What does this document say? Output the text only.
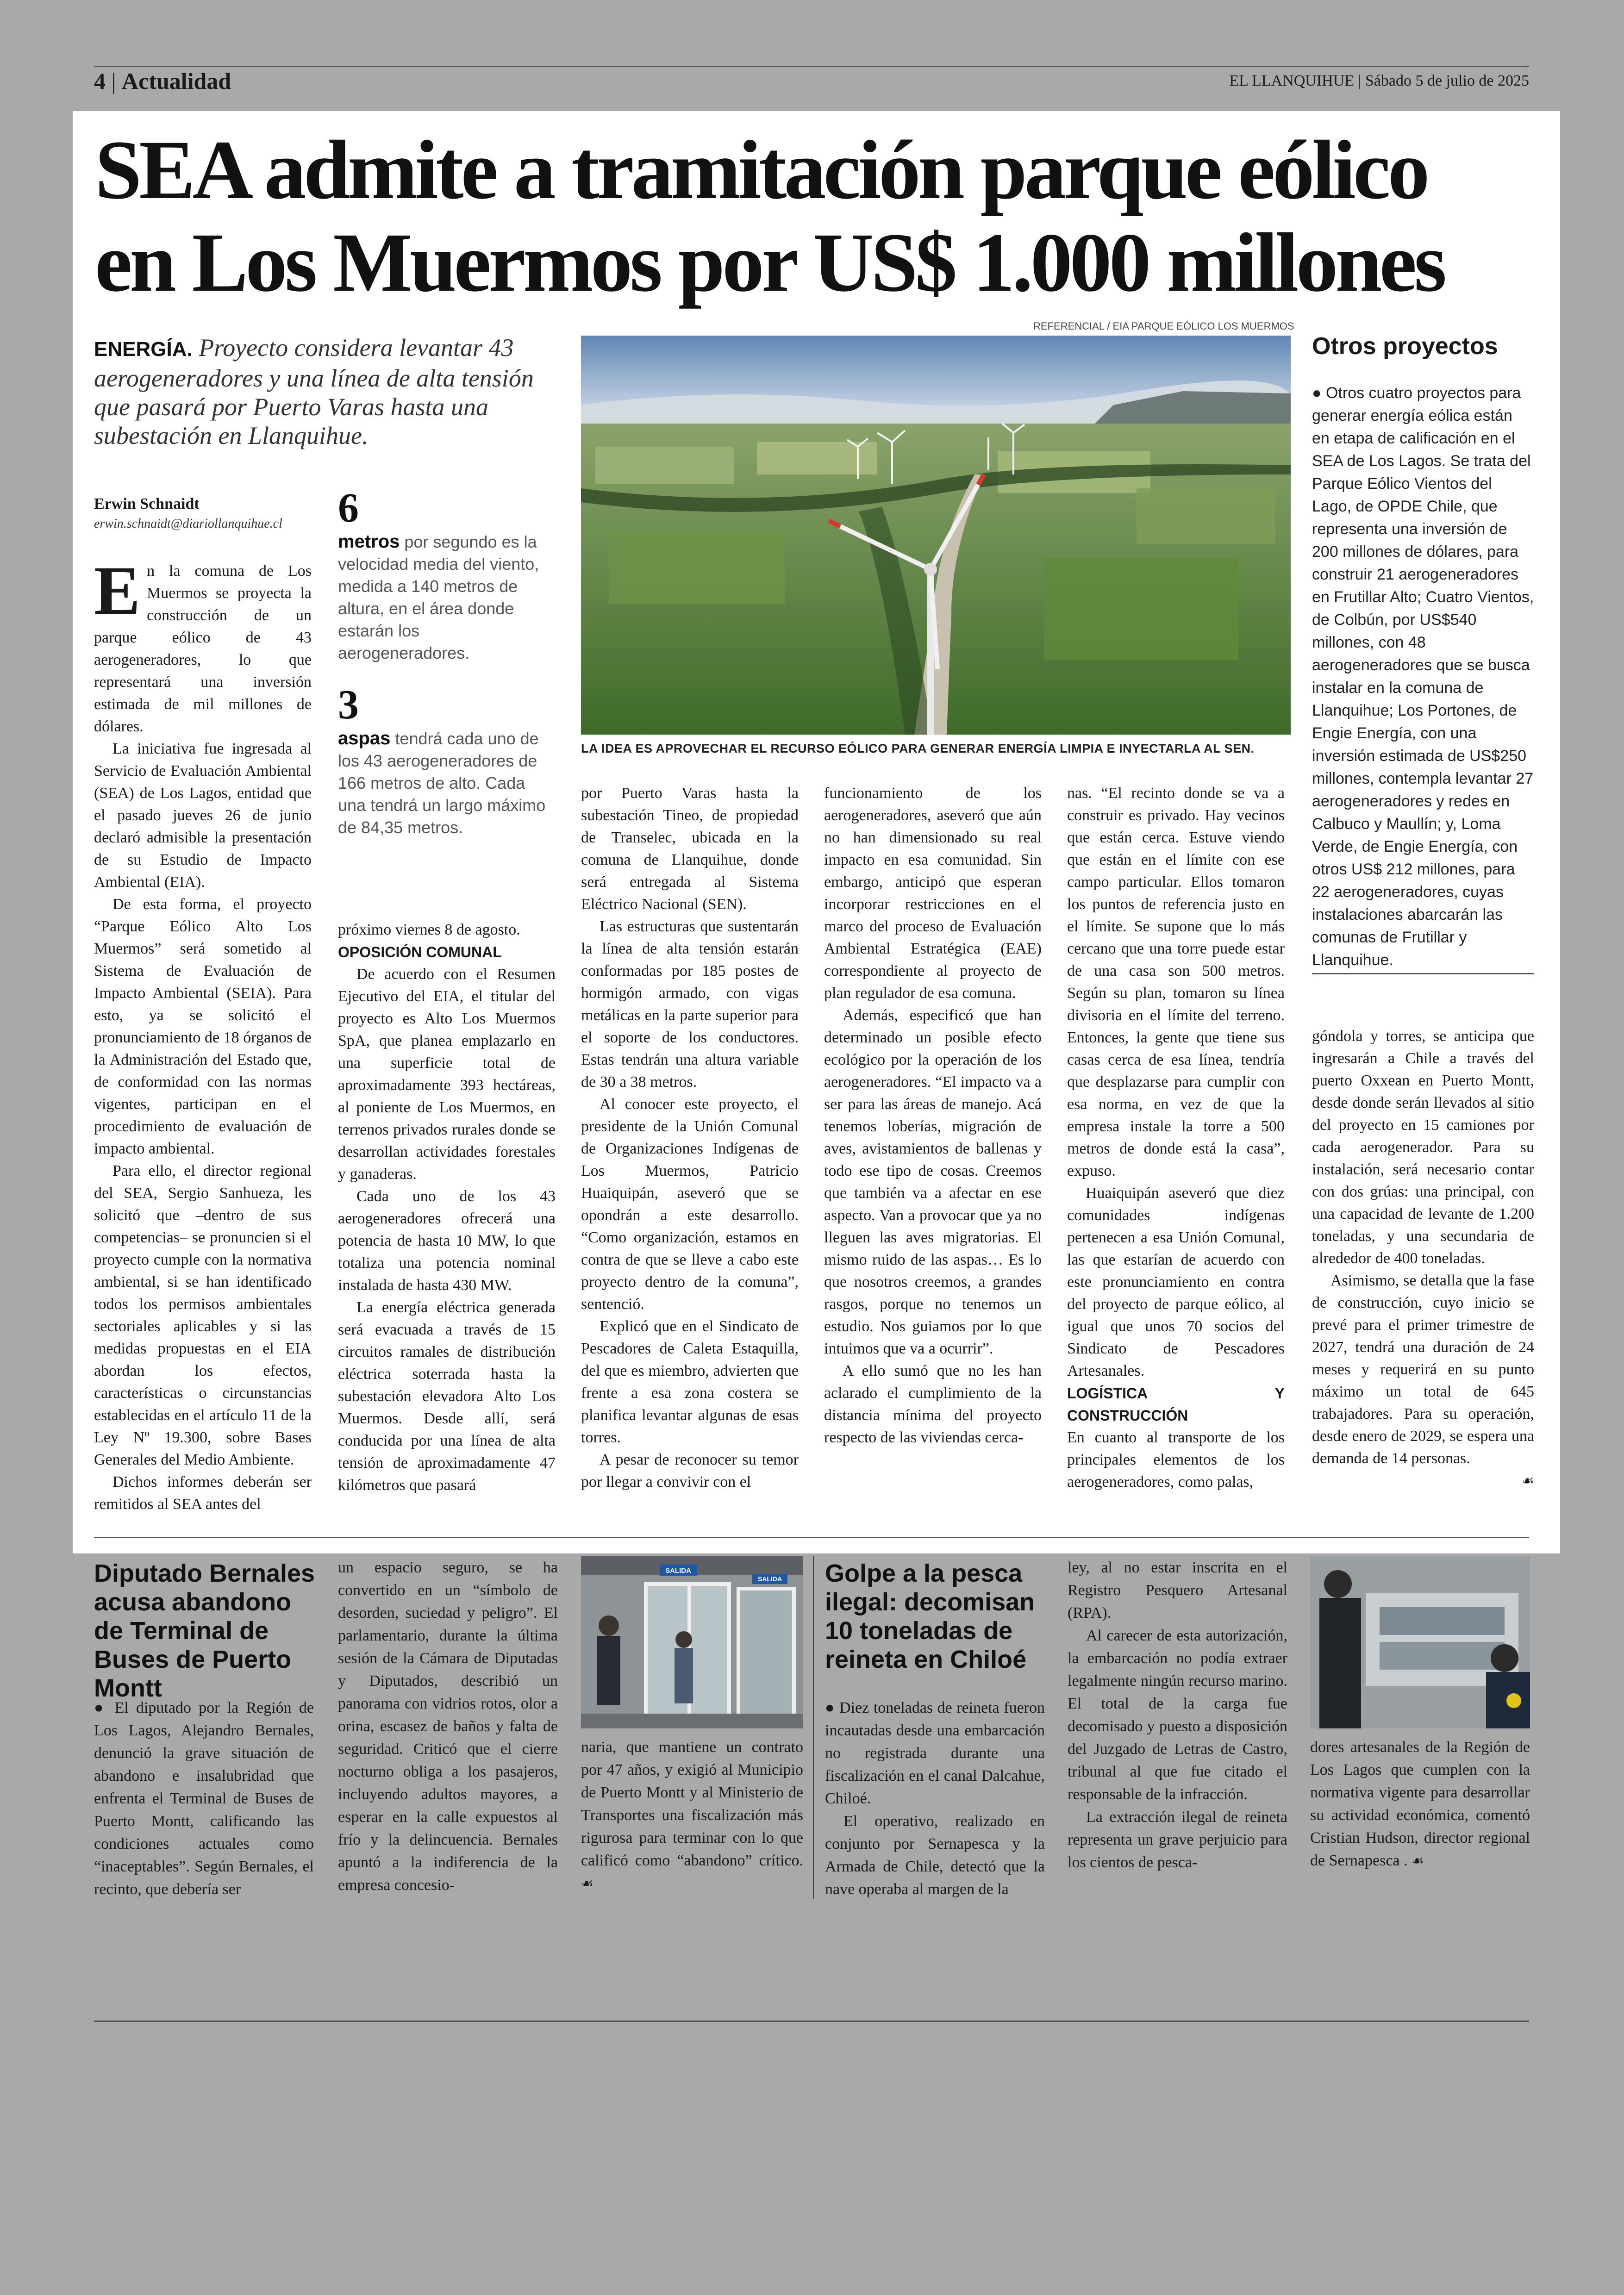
4 | Actualidad	EL LLANQUIHUE | Sábado 5 de julio de 2025
SEA admite a tramitación parque eólico
en Los Muermos por US$ 1.000 millones
ENERGÍA. Proyecto considera levantar 43 aerogeneradores y una línea de alta tensión que pasará por Puerto Varas hasta una subestación en Llanquihue.
Erwin Schnaidt
erwin.schnaidt@diariollanquihue.cl

En la comuna de Los Muermos se proyecta la construcción de un parque eólico de 43 aerogeneradores, lo que representará una inversión estimada de mil millones de dólares.

La iniciativa fue ingresada al Servicio de Evaluación Ambiental (SEA) de Los Lagos, entidad que el pasado jueves 26 de junio declaró admisible la presentación de su Estudio de Impacto Ambiental (EIA).

De esta forma, el proyecto “Parque Eólico Alto Los Muermos” será sometido al Sistema de Evaluación de Impacto Ambiental (SEIA). Para esto, ya se solicitó el pronunciamiento de 18 órganos de la Administración del Estado que, de conformidad con las normas vigentes, participan en el procedimiento de evaluación de impacto ambiental.

Para ello, el director regional del SEA, Sergio Sanhueza, les solicitó que –dentro de sus competencias– se pronuncien si el proyecto cumple con la normativa ambiental, si se han identificado todos los permisos ambientales sectoriales aplicables y si las medidas propuestas en el EIA abordan los efectos, características o circunstancias establecidas en el artículo 11 de la Ley Nº 19.300, sobre Bases Generales del Medio Ambiente.

Dichos informes deberán ser remitidos al SEA antes del

6
metros por segundo es la velocidad media del viento, medida a 140 metros de altura, en el área donde estarán los aerogeneradores.
3
aspas tendrá cada uno de los 43 aerogeneradores de 166 metros de alto. Cada una tendrá un largo máximo de 84,35 metros.
REFERENCIAL / EIA PARQUE EÓLICO LOS MUERMOS
LA IDEA ES APROVECHAR EL RECURSO EÓLICO PARA GENERAR ENERGÍA LIMPIA E INYECTARLA AL SEN.
Otros proyectos
● Otros cuatro proyectos para generar energía eólica están en etapa de calificación en el SEA de Los Lagos. Se trata del Parque Eólico Vientos del Lago, de OPDE Chile, que representa una inversión de 200 millones de dólares, para construir 21 aerogeneradores en Frutillar Alto; Cuatro Vientos, de Colbún, por US$540 millones, con 48 aerogeneradores que se busca instalar en la comuna de Llanquihue; Los Portones, de Engie Energía, con una inversión estimada de US$250 millones, contempla levantar 27 aerogeneradores y redes en Calbuco y Maullín; y, Loma Verde, de Engie Energía, con otros US$ 212 millones, para 22 aerogeneradores, cuyas instalaciones abarcarán las comunas de Frutillar y Llanquihue.

próximo viernes 8 de agosto.

OPOSICIÓN COMUNAL

De acuerdo con el Resumen Ejecutivo del EIA, el titular del proyecto es Alto Los Muermos SpA, que planea emplazarlo en una superficie total de aproximadamente 393 hectáreas, al poniente de Los Muermos, en terrenos privados rurales donde se desarrollan actividades forestales y ganaderas.

Cada uno de los 43 aerogeneradores ofrecerá una potencia de hasta 10 MW, lo que totaliza una potencia nominal instalada de hasta 430 MW.

La energía eléctrica generada será evacuada a través de 15 circuitos ramales de distribución eléctrica soterrada hasta la subestación elevadora Alto Los Muermos. Desde allí, será conducida por una línea de alta tensión de aproximadamente 47 kilómetros que pasará

por Puerto Varas hasta la subestación Tineo, de propiedad de Transelec, ubicada en la comuna de Llanquihue, donde será entregada al Sistema Eléctrico Nacional (SEN).

Las estructuras que sustentarán la línea de alta tensión estarán conformadas por 185 postes de hormigón armado, con vigas metálicas en la parte superior para el soporte de los conductores. Estas tendrán una altura variable de 30 a 38 metros.

Al conocer este proyecto, el presidente de la Unión Comunal de Organizaciones Indígenas de Los Muermos, Patricio Huaiquipán, aseveró que se opondrán a este desarrollo. “Como organización, estamos en contra de que se lleve a cabo este proyecto dentro de la comuna”, sentenció.

Explicó que en el Sindicato de Pescadores de Caleta Estaquilla, del que es miembro, advierten que frente a esa zona costera se planifica levantar algunas de esas torres.

A pesar de reconocer su temor por llegar a convivir con el

funcionamiento de los aerogeneradores, aseveró que aún no han dimensionado su real impacto en esa comunidad. Sin embargo, anticipó que esperan incorporar restricciones en el marco del proceso de Evaluación Ambiental Estratégica (EAE) correspondiente al proyecto de plan regulador de esa comuna.

Además, especificó que han determinado un posible efecto ecológico por la operación de los aerogeneradores. “El impacto va a ser para las áreas de manejo. Acá tenemos loberías, migración de aves, avistamientos de ballenas y todo ese tipo de cosas. Creemos que también va a afectar en ese aspecto. Van a provocar que ya no lleguen las aves migratorias. El mismo ruido de las aspas… Es lo que nosotros creemos, a grandes rasgos, porque no tenemos un estudio. Nos guiamos por lo que intuimos que va a ocurrir”.

A ello sumó que no les han aclarado el cumplimiento de la distancia mínima del proyecto respecto de las viviendas cerca-

nas. “El recinto donde se va a construir es privado. Hay vecinos que están cerca. Estuve viendo que están en el límite con ese campo particular. Ellos tomaron los puntos de referencia justo en el límite. Se supone que lo más cercano que una torre puede estar de una casa son 500 metros. Según su plan, tomaron su línea divisoria en el límite del terreno. Entonces, la gente que tiene sus casas cerca de esa línea, tendría que desplazarse para cumplir con esa norma, en vez de que la empresa instale la torre a 500 metros de donde está la casa”, expuso.

Huaiquipán aseveró que diez comunidades indígenas pertenecen a esa Unión Comunal, las que estarían de acuerdo con este pronunciamiento en contra del proyecto de parque eólico, al igual que unos 70 socios del Sindicato de Pescadores Artesanales.

LOGÍSTICA Y CONSTRUCCIÓN

En cuanto al transporte de los principales elementos de los aerogeneradores, como palas,

góndola y torres, se anticipa que ingresarán a Chile a través del puerto Oxxean en Puerto Montt, desde donde serán llevados al sitio del proyecto en 15 camiones por cada aerogenerador. Para su instalación, será necesario contar con dos grúas: una principal, con una capacidad de levante de 1.200 toneladas, y una secundaria de alrededor de 400 toneladas.

Asimismo, se detalla que la fase de construcción, cuyo inicio se prevé para el primer trimestre de 2027, tendrá una duración de 24 meses y requerirá en su punto máximo un total de 645 trabajadores. Para su operación, desde enero de 2029, se espera una demanda de 14 personas.

☙

Diputado Bernales acusa abandono de Terminal de Buses de Puerto Montt

● El diputado por la Región de Los Lagos, Alejandro Bernales, denunció la grave situación de abandono e insalubridad que enfrenta el Terminal de Buses de Puerto Montt, calificando las condiciones actuales como “inaceptables”. Según Bernales, el recinto, que debería ser

un espacio seguro, se ha convertido en un “símbolo de desorden, suciedad y peligro”. El parlamentario, durante la última sesión de la Cámara de Diputadas y Diputados, describió un panorama con vidrios rotos, olor a orina, escasez de baños y falta de seguridad. Criticó que el cierre nocturno obliga a los pasajeros, incluyendo adultos mayores, a esperar en la calle expuestos al frío y la delincuencia. Bernales apuntó a la indiferencia de la empresa concesio-

SALIDA
SALIDA

naria, que mantiene un contrato por 47 años, y exigió al Municipio de Puerto Montt y al Ministerio de Transportes una fiscalización más rigurosa para terminar con lo que calificó como “abandono” crítico. ☙

Golpe a la pesca ilegal: decomisan 10 toneladas de reineta en Chiloé

● Diez toneladas de reineta fueron incautadas desde una embarcación no registrada durante una fiscalización en el canal Dalcahue, Chiloé.

El operativo, realizado en conjunto por Sernapesca y la Armada de Chile, detectó que la nave operaba al margen de la

ley, al no estar inscrita en el Registro Pesquero Artesanal (RPA).

Al carecer de esta autorización, la embarcación no podía extraer legalmente ningún recurso marino. El total de la carga fue decomisado y puesto a disposición del Juzgado de Letras de Castro, tribunal al que fue citado el responsable de la infracción.

La extracción ilegal de reineta representa un grave perjuicio para los cientos de pesca-

dores artesanales de la Región de Los Lagos que cumplen con la normativa vigente para desarrollar su actividad económica, comentó Cristian Hudson, director regional de Sernapesca . ☙
